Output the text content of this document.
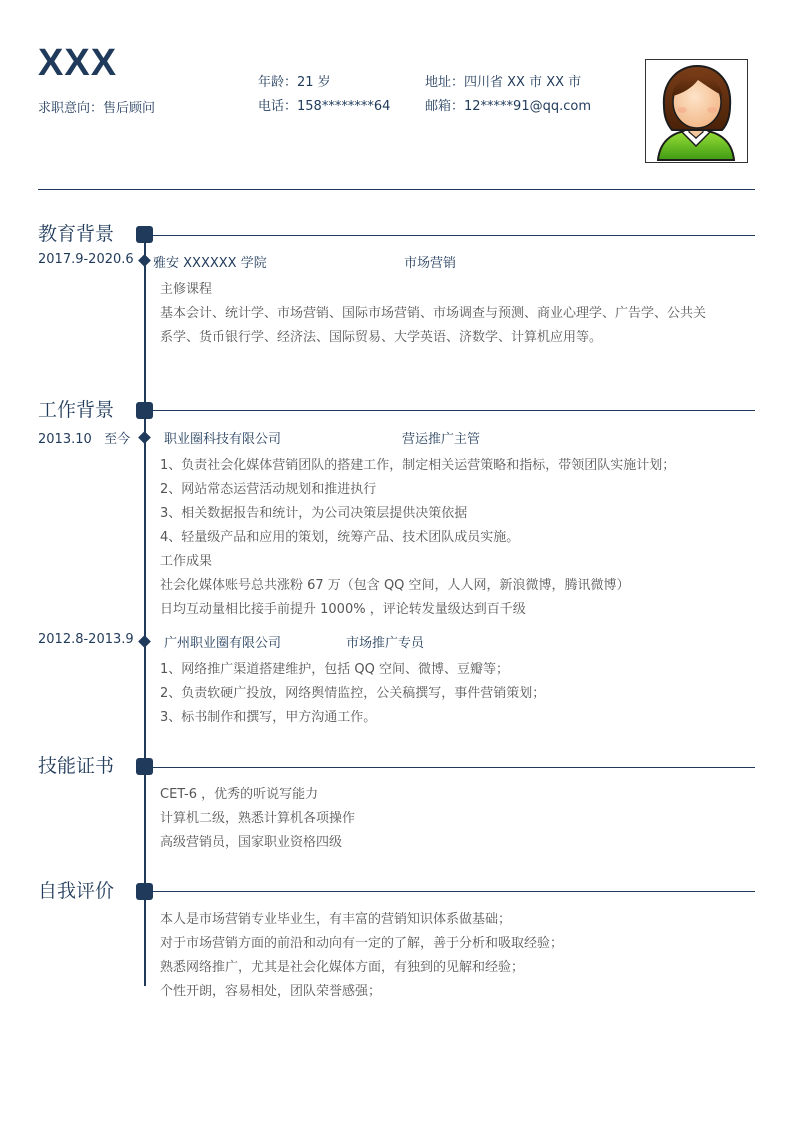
XXX
求职意向：售后顾问
年龄：21 岁	地址：四川省 XX 市 XX 市
电话：158********64	邮箱：12*****91@qq.com
教育背景
2017.9-2020.6 雅安 XXXXXX 学院	市场营销
主修课程
基本会计、统计学、市场营销、国际市场营销、市场调查与预测、商业心理学、广告学、公共关
系学、货币银行学、经济法、国际贸易、大学英语、济数学、计算机应用等。
工作背景
2013.10   至今	职业圈科技有限公司	营运推广主管
1、负责社会化媒体营销团队的搭建工作，制定相关运营策略和指标，带领团队实施计划；
2、网站常态运营活动规划和推进执行
3、相关数据报告和统计，为公司决策层提供决策依据
4、轻量级产品和应用的策划，统筹产品、技术团队成员实施。
工作成果
社会化媒体账号总共涨粉 67 万（包含 QQ 空间，人人网，新浪微博，腾讯微博）
日均互动量相比接手前提升 1000% ，评论转发量级达到百千级
2012.8-2013.9 广州职业圈有限公司	市场推广专员
1、网络推广渠道搭建维护，包括 QQ 空间、微博、豆瓣等；
2、负责软硬广投放，网络舆情监控，公关稿撰写，事件营销策划；
3、标书制作和撰写，甲方沟通工作。
技能证书
CET-6 ，优秀的听说写能力
计算机二级，熟悉计算机各项操作
高级营销员，国家职业资格四级
自我评价
本人是市场营销专业毕业生，有丰富的营销知识体系做基础；
对于市场营销方面的前沿和动向有一定的了解，善于分析和吸取经验；
熟悉网络推广，尤其是社会化媒体方面，有独到的见解和经验；
个性开朗，容易相处，团队荣誉感强；
